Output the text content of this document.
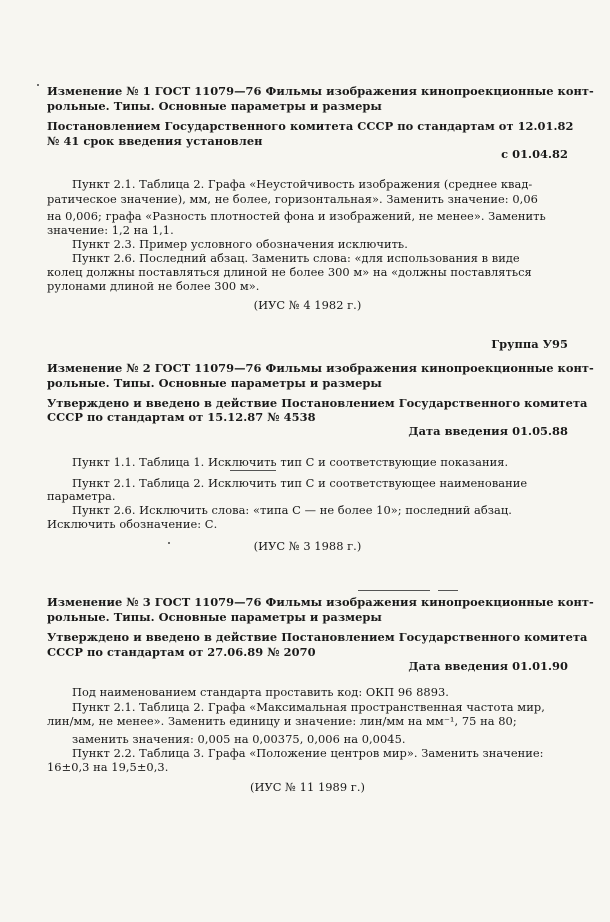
Изменение № 1 ГОСТ 11079—76 Фильмы изображения кинопроекционные конт-
рольные. Типы. Основные параметры и размеры
Постановлением Государственного комитета СССР по стандартам от 12.01.82
№ 41 срок введения установлен
с 01.04.82
Пункт 2.1. Таблица 2. Графа «Неустойчивость изображения (среднее квад-
ратическое значение), мм, не более, горизонтальная». Заменить значение: 0,06
на 0,006; графа «Разность плотностей фона и изображений, не менее». Заменить
значение: 1,2 на 1,1.
Пункт 2.3. Пример условного обозначения исключить.
Пункт 2.6. Последний абзац. Заменить слова: «для использования в виде
колец должны поставляться длиной не более 300 м» на «должны поставляться
рулонами длиной не более 300 м».
(ИУС № 4 1982 г.)
Группа У95
Изменение № 2 ГОСТ 11079—76 Фильмы изображения кинопроекционные конт-
рольные. Типы. Основные параметры и размеры
Утверждено и введено в действие Постановлением Государственного комитета
СССР по стандартам от 15.12.87 № 4538
Дата введения 01.05.88
Пункт 1.1. Таблица 1. Исключить тип С и соответствующие показания.
Пункт 2.1. Таблица 2. Исключить тип С и соответствующее наименование
параметра.
Пункт 2.6. Исключить слова: «типа С — не более 10»; последний абзац.
Исключить обозначение: С.
(ИУС № 3 1988 г.)
Изменение № 3 ГОСТ 11079—76 Фильмы изображения кинопроекционные конт-
рольные. Типы. Основные параметры и размеры
Утверждено и введено в действие Постановлением Государственного комитета
СССР по стандартам от 27.06.89 № 2070
Дата введения 01.01.90
Под наименованием стандарта проставить код: ОКП 96 8893.
Пункт 2.1. Таблица 2. Графа «Максимальная пространственная частота мир,
лин/мм, не менее». Заменить единицу и значение: лин/мм на мм⁻¹, 75 на 80;
заменить значения: 0,005 на 0,00375, 0,006 на 0,0045.
Пункт 2.2. Таблица 3. Графа «Положение центров мир». Заменить значение:
16±0,3 на 19,5±0,3.
(ИУС № 11 1989 г.)
